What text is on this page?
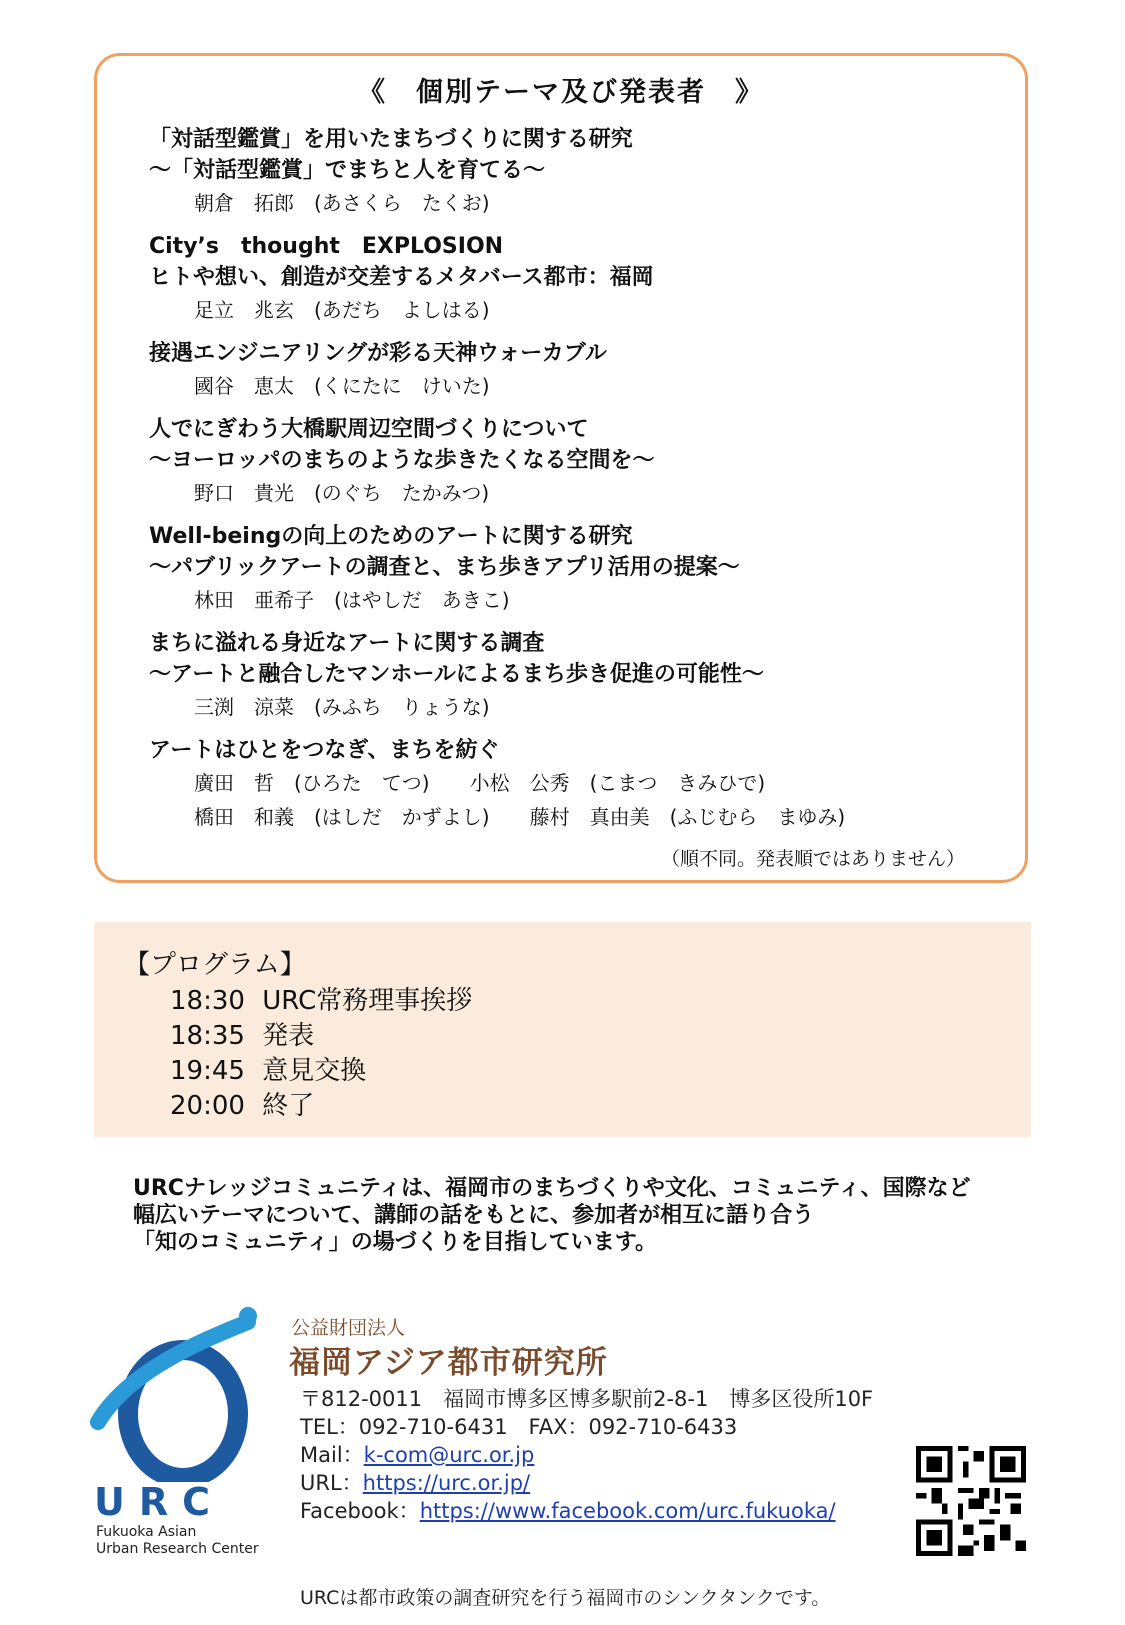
《　個別テーマ及び発表者　》
「対話型鑑賞」を用いたまちづくりに関する研究
～「対話型鑑賞」でまちと人を育てる～
朝倉　拓郎　(あさくら　たくお)
City’s　thought　EXPLOSION
ヒトや想い、創造が交差するメタバース都市：福岡
足立　兆玄　(あだち　よしはる)
接遇エンジニアリングが彩る天神ウォーカブル
國谷　恵太　(くにたに　けいた)
人でにぎわう大橋駅周辺空間づくりについて
～ヨーロッパのまちのような歩きたくなる空間を～
野口　貴光　(のぐち　たかみつ)
Well-beingの向上のためのアートに関する研究
～パブリックアートの調査と、まち歩きアプリ活用の提案～
林田　亜希子　(はやしだ　あきこ)
まちに溢れる身近なアートに関する調査
～アートと融合したマンホールによるまち歩き促進の可能性～
三渕　涼菜　(みふち　りょうな)
アートはひとをつなぎ、まちを紡ぐ
廣田　哲　(ひろた　てつ)　　小松　公秀　(こまつ　きみひで)
橋田　和義　(はしだ　かずよし)　　藤村　真由美　(ふじむら　まゆみ)
（順不同。発表順ではありません）
【プログラム】
18:30 URC常務理事挨拶
18:35 発表
19:45 意見交換
20:00 終了
URCナレッジコミュニティは、福岡市のまちづくりや文化、コミュニティ、国際など
幅広いテーマについて、講師の話をもとに、参加者が相互に語り合う
「知のコミュニティ」の場づくりを目指しています。
URC
Fukuoka Asian
Urban Research Center
公益財団法人
福岡アジア都市研究所
〒812-0011　福岡市博多区博多駅前2-8-1　博多区役所10F
TEL：092-710-6431　FAX：092-710-6433
Mail：k-com@urc.or.jp
URL：https://urc.or.jp/
Facebook：https://www.facebook.com/urc.fukuoka/
URCは都市政策の調査研究を行う福岡市のシンクタンクです。
